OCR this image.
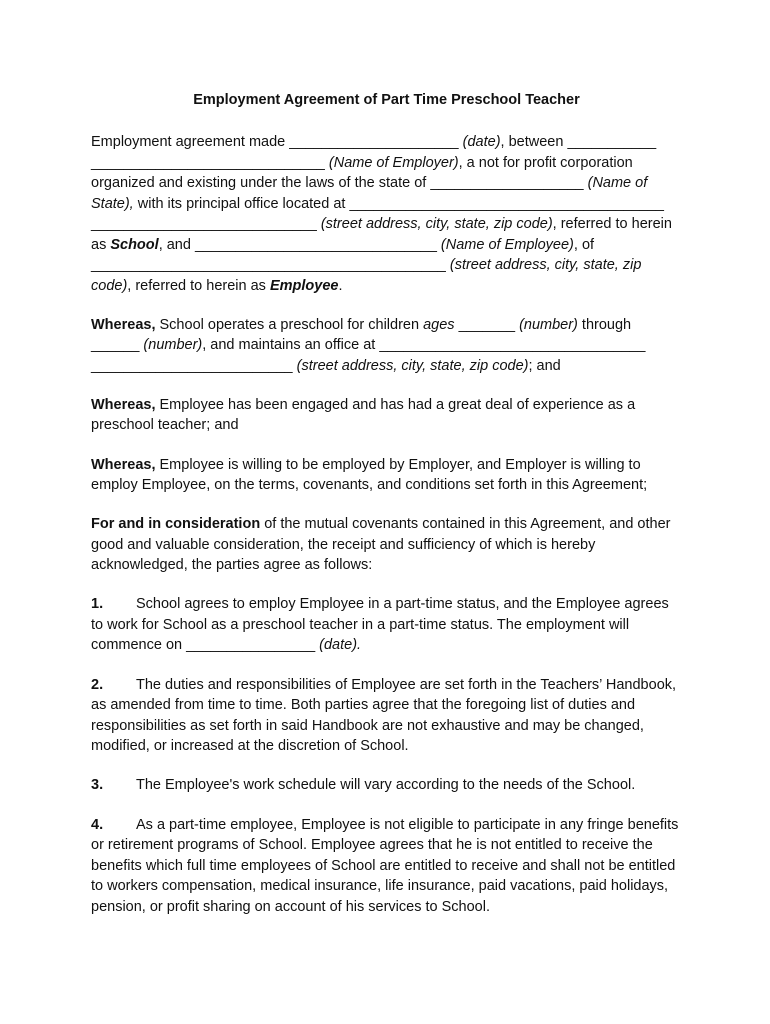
Employment Agreement of Part Time Preschool Teacher

Employment agreement made _____________________ (date), between ___________ _____________________________ (Name of Employer), a not for profit corporation organized and existing under the laws of the state of ___________________ (Name of State), with its principal office located at _______________________________________ ____________________________ (street address, city, state, zip code), referred to herein as School, and ______________________________ (Name of Employee), of ____________________________________________ (street address, city, state, zip code), referred to herein as Employee.

Whereas, School operates a preschool for children ages _______ (number) through ______ (number), and maintains an office at _________________________________ _________________________ (street address, city, state, zip code); and

Whereas, Employee has been engaged and has had a great deal of experience as a preschool teacher; and

Whereas, Employee is willing to be employed by Employer, and Employer is willing to employ Employee, on the terms, covenants, and conditions set forth in this Agreement;

For and in consideration of the mutual covenants contained in this Agreement, and other good and valuable consideration, the receipt and sufficiency of which is hereby acknowledged, the parties agree as follows:

1. School agrees to employ Employee in a part-time status, and the Employee agrees to work for School as a preschool teacher in a part-time status. The employment will commence on ________________ (date).

2. The duties and responsibilities of Employee are set forth in the Teachers’ Handbook, as amended from time to time. Both parties agree that the foregoing list of duties and responsibilities as set forth in said Handbook are not exhaustive and may be changed, modified, or increased at the discretion of School.

3. The Employee's work schedule will vary according to the needs of the School.

4. As a part-time employee, Employee is not eligible to participate in any fringe benefits or retirement programs of School. Employee agrees that he is not entitled to receive the benefits which full time employees of School are entitled to receive and shall not be entitled to workers compensation, medical insurance, life insurance, paid vacations, paid holidays, pension, or profit sharing on account of his services to School.
